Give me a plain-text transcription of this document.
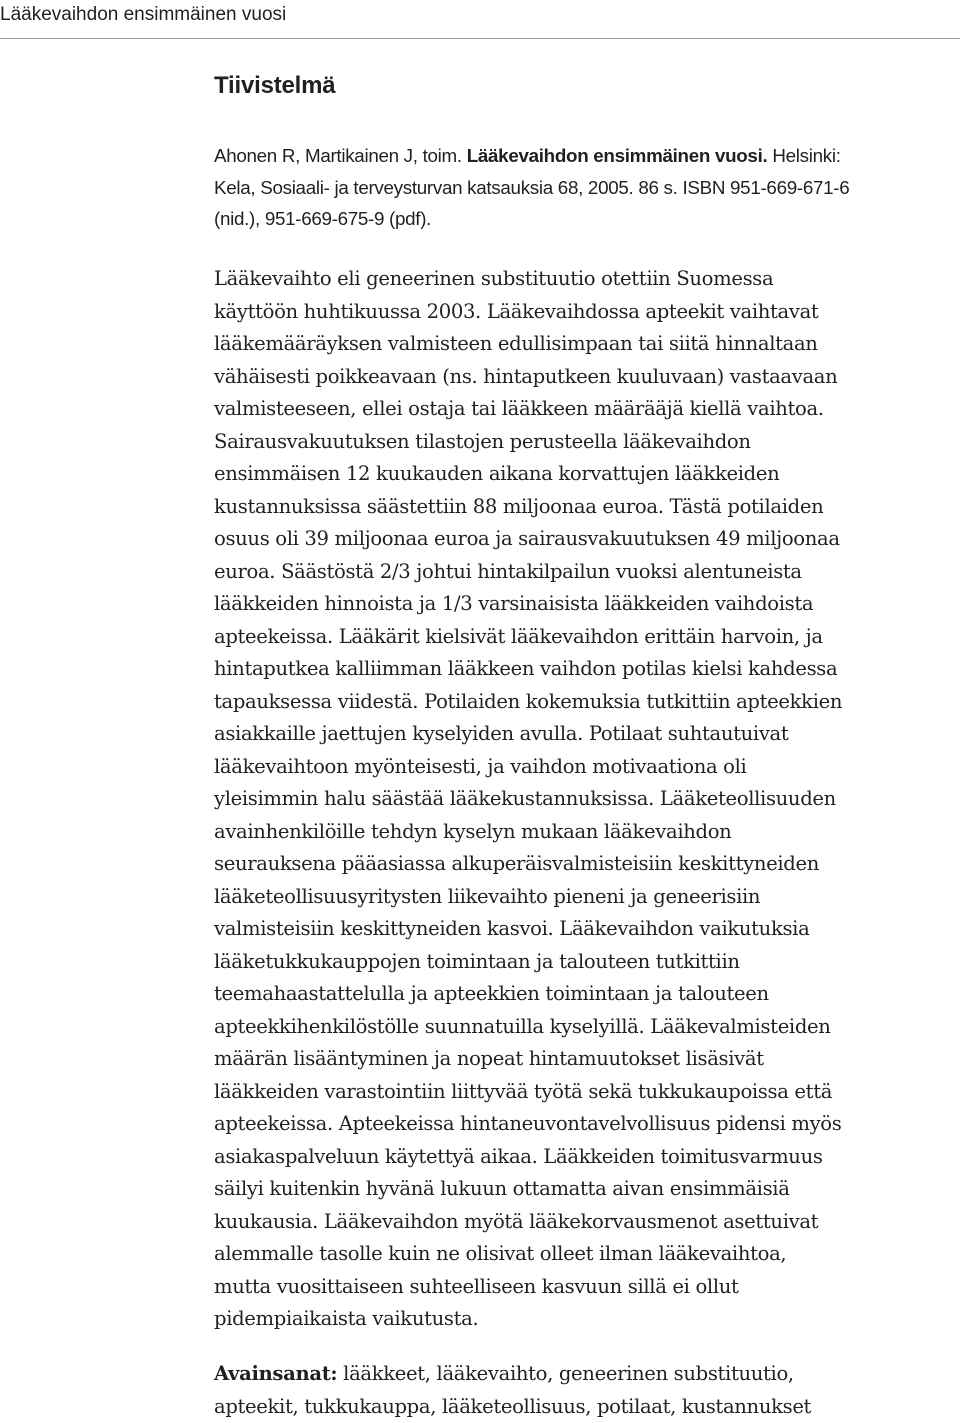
Lääkevaihdon ensimmäinen vuosi
Tiivistelmä
Ahonen R, Martikainen J, toim. Lääkevaihdon ensimmäinen vuosi. Helsinki:
Kela, Sosiaali- ja terveysturvan katsauksia 68, 2005. 86 s. ISBN 951-669-671-6
(nid.), 951-669-675-9 (pdf).
Lääkevaihto eli geneerinen substituutio otettiin Suomessa
käyttöön huhtikuussa 2003. Lääkevaihdossa apteekit vaihtavat
lääkemääräyksen valmisteen edullisimpaan tai siitä hinnaltaan
vähäisesti poikkeavaan (ns. hintaputkeen kuuluvaan) vastaavaan
valmisteeseen, ellei ostaja tai lääkkeen määrääjä kiellä vaihtoa.
Sairausvakuutuksen tilastojen perusteella lääkevaihdon
ensimmäisen 12 kuukauden aikana korvattujen lääkkeiden
kustannuksissa säästettiin 88 miljoonaa euroa. Tästä potilaiden
osuus oli 39 miljoonaa euroa ja sairausvakuutuksen 49 miljoonaa
euroa. Säästöstä 2/3 johtui hintakilpailun vuoksi alentuneista
lääkkeiden hinnoista ja 1/3 varsinaisista lääkkeiden vaihdoista
apteekeissa. Lääkärit kielsivät lääkevaihdon erittäin harvoin, ja
hintaputkea kalliimman lääkkeen vaihdon potilas kielsi kahdessa
tapauksessa viidestä. Potilaiden kokemuksia tutkittiin apteekkien
asiakkaille jaettujen kyselyiden avulla. Potilaat suhtautuivat
lääkevaihtoon myönteisesti, ja vaihdon motivaationa oli
yleisimmin halu säästää lääkekustannuksissa. Lääketeollisuuden
avainhenkilöille tehdyn kyselyn mukaan lääkevaihdon
seurauksena pääasiassa alkuperäisvalmisteisiin keskittyneiden
lääketeollisuusyritysten liikevaihto pieneni ja geneerisiin
valmisteisiin keskittyneiden kasvoi. Lääkevaihdon vaikutuksia
lääketukkukauppojen toimintaan ja talouteen tutkittiin
teemahaastattelulla ja apteekkien toimintaan ja talouteen
apteekkihenkilöstölle suunnatuilla kyselyillä. Lääkevalmisteiden
määrän lisääntyminen ja nopeat hintamuutokset lisäsivät
lääkkeiden varastointiin liittyvää työtä sekä tukkukaupoissa että
apteekeissa. Apteekeissa hintaneuvontavelvollisuus pidensi myös
asiakaspalveluun käytettyä aikaa. Lääkkeiden toimitusvarmuus
säilyi kuitenkin hyvänä lukuun ottamatta aivan ensimmäisiä
kuukausia. Lääkevaihdon myötä lääkekorvausmenot asettuivat
alemmalle tasolle kuin ne olisivat olleet ilman lääkevaihtoa,
mutta vuosittaiseen suhteelliseen kasvuun sillä ei ollut
pidempiaikaista vaikutusta.
Avainsanat: lääkkeet, lääkevaihto, geneerinen substituutio,
apteekit, tukkukauppa, lääketeollisuus, potilaat, kustannukset
